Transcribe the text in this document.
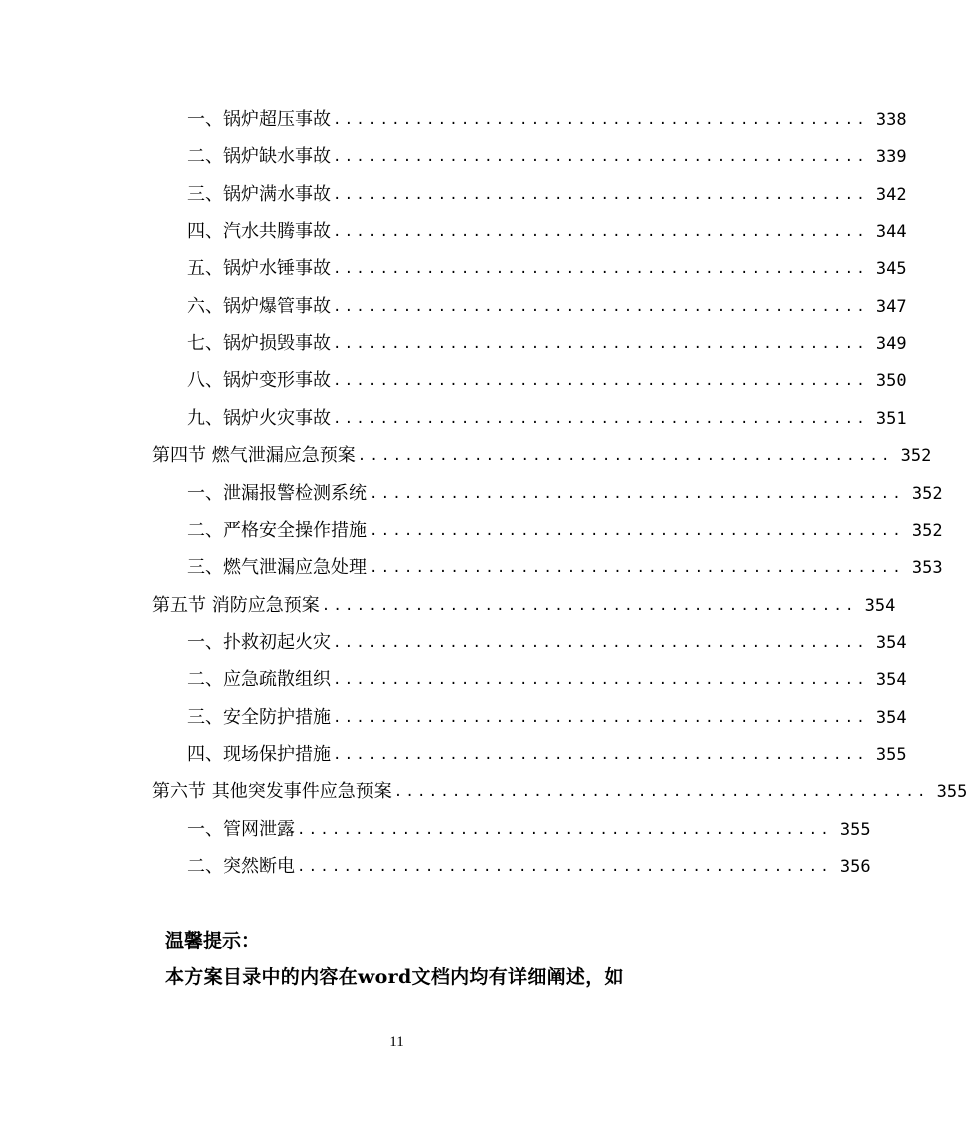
一、锅炉超压事故 .............................................. 338
二、锅炉缺水事故 .............................................. 339
三、锅炉满水事故 .............................................. 342
四、汽水共腾事故 .............................................. 344
五、锅炉水锤事故 .............................................. 345
六、锅炉爆管事故 .............................................. 347
七、锅炉损毁事故 .............................................. 349
八、锅炉变形事故 .............................................. 350
九、锅炉火灾事故 .............................................. 351
第四节 燃气泄漏应急预案 .............................................. 352
一、泄漏报警检测系统 .............................................. 352
二、严格安全操作措施 .............................................. 352
三、燃气泄漏应急处理 .............................................. 353
第五节 消防应急预案 .............................................. 354
一、扑救初起火灾 .............................................. 354
二、应急疏散组织 .............................................. 354
三、安全防护措施 .............................................. 354
四、现场保护措施 .............................................. 355
第六节 其他突发事件应急预案 .............................................. 355
一、管网泄露 .............................................. 355
二、突然断电 .............................................. 356
温馨提示：
本方案目录中的内容在word文档内均有详细阐述，如
11
